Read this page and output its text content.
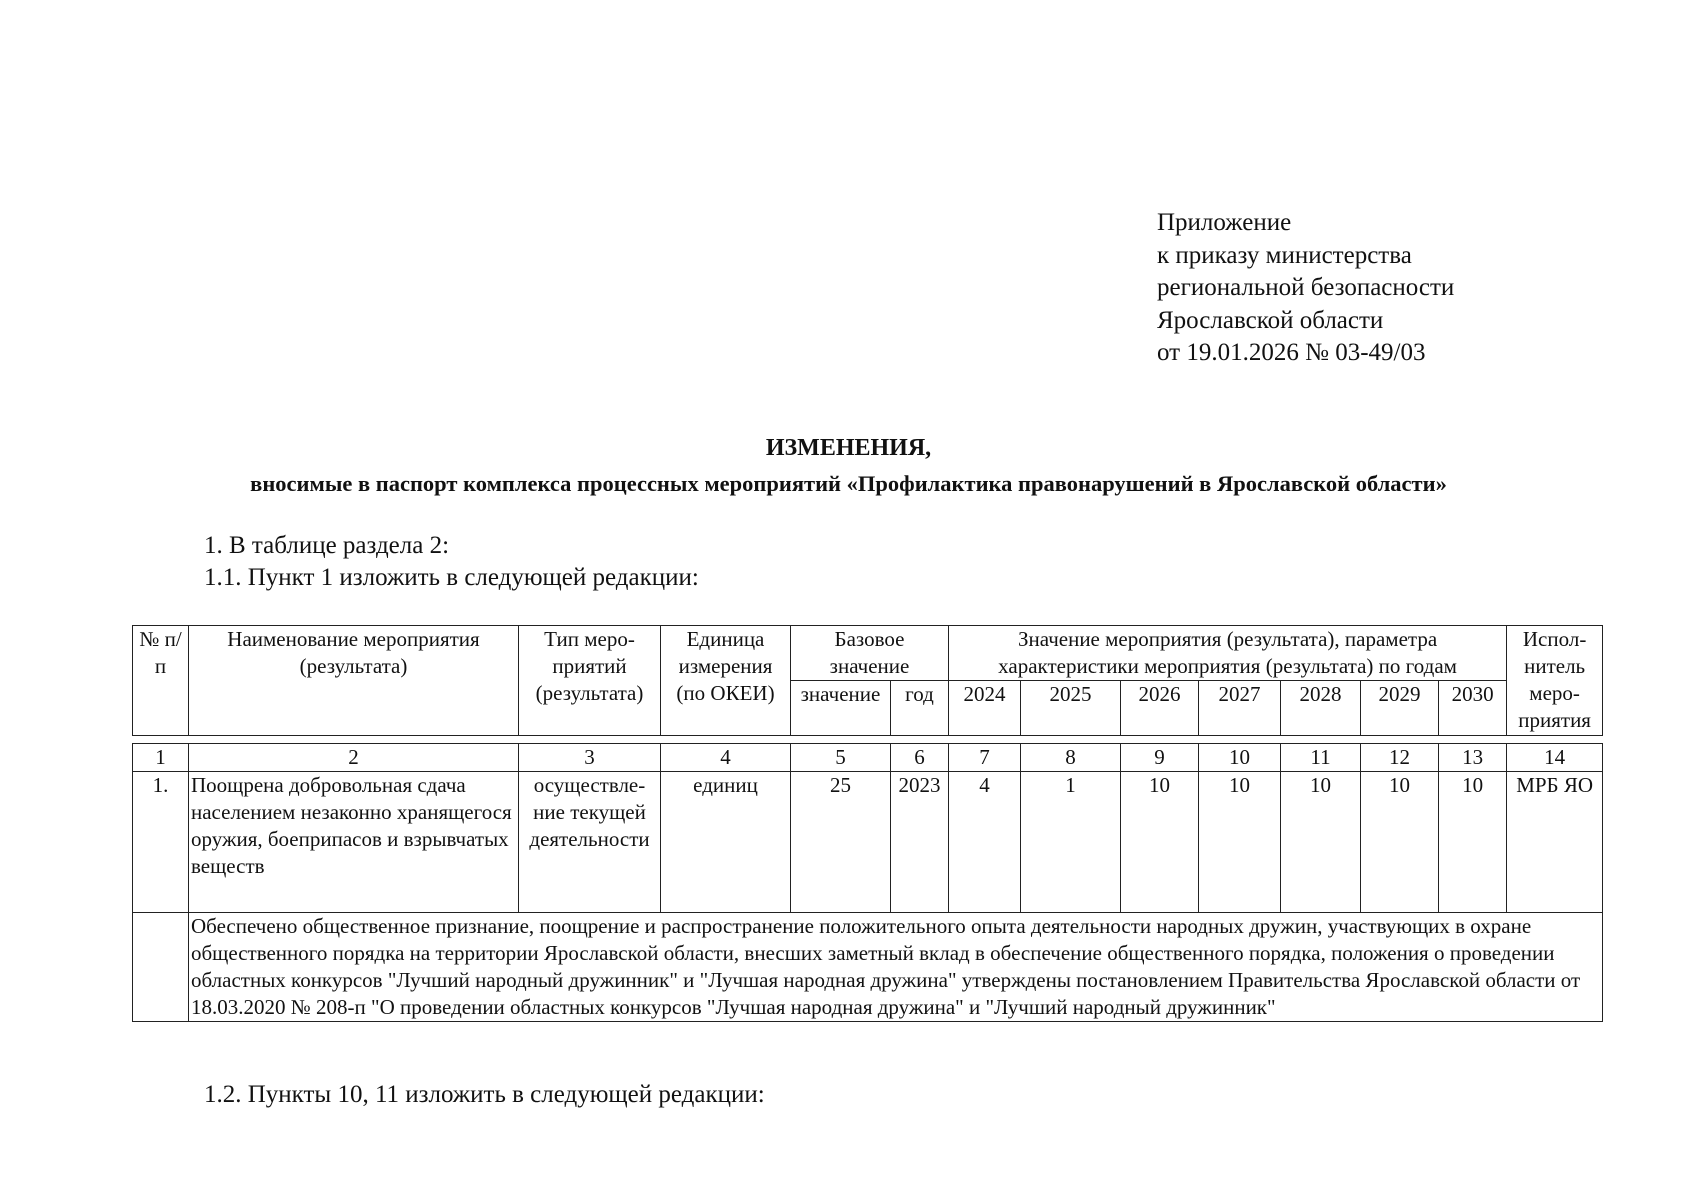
Приложение
к приказу министерства
региональной безопасности
Ярославской области
от 19.01.2026 № 03-49/03
ИЗМЕНЕНИЯ,
вносимые в паспорт комплекса процессных мероприятий «Профилактика правонарушений в Ярославской области»
1. В таблице раздела 2:
1.1. Пункт 1 изложить в следующей редакции:
№ п/п	Наименование мероприятия (результата)	Тип меро-приятий (результата)	Единица измерения (по ОКЕИ)	Базовое значение		Значение мероприятия (результата), параметра характеристики мероприятия (результата) по годам							Испол-нитель меро-приятия
				значение	год	2024	2025	2026	2027	2028	2029	2030	

1	2	3	4	5	6	7	8	9	10	11	12	13	14
1.	Поощрена добровольная сдача населением незаконно хранящегося оружия, боеприпасов и взрывчатых веществ	осуществле-ние текущей деятельности	единиц	25	2023	4	1	10	10	10	10	10	МРБ ЯО
	Обеспечено общественное признание, поощрение и распространение положительного опыта деятельности народных дружин, участвующих в охране общественного порядка на территории Ярославской области, внесших заметный вклад в обеспечение общественного порядка, положения о проведении областных конкурсов "Лучший народный дружинник" и "Лучшая народная дружина" утверждены постановлением Правительства Ярославской области от 18.03.2020 № 208-п "О проведении областных конкурсов "Лучшая народная дружина" и "Лучший народный дружинник"												
1.2. Пункты 10, 11 изложить в следующей редакции:
